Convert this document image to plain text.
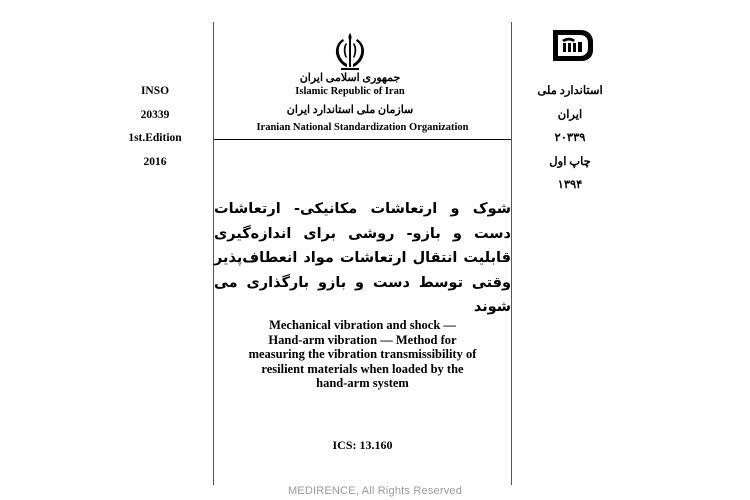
INSO
20339
1st.Edition
2016
استاندارد ملی ایران
۲۰۳۳۹
چاپ اول
۱۳۹۴
جمهوری اسلامی ایران
Islamic Republic of Iran
سازمان ملی استاندارد ایران
Iranian National Standardization Organization
شوک و ارتعاشات مکانیکی- ارتعاشات
دست و بازو- روشی برای اندازه‌گیری
قابلیت انتقال ارتعاشات مواد انعطاف‌پذیر
وقتی توسط دست و بازو بارگذاری می شوند
Mechanical vibration and shock —
Hand-arm vibration — Method for
measuring the vibration transmissibility of
resilient materials when loaded by the
hand-arm system
ICS: 13.160
MEDIRENCE, All Rights Reserved
